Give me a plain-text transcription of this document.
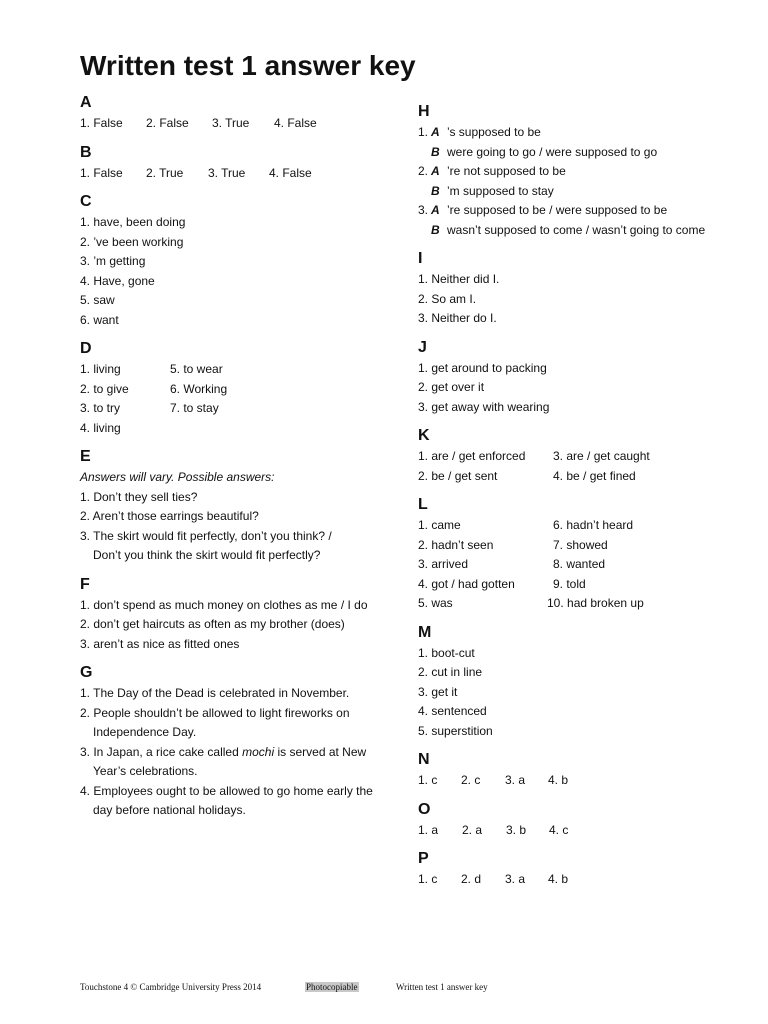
Written test 1 answer key
A
1. False	2. False	3. True	4. False
B
1. False	2. True	3. True	4. False
C
1. have, been doing
2. ’ve been working
3. ’m getting
4. Have, gone
5. saw
6. want
D
1. living
2. to give
3. to try
4. living
5. to wear
6. Working
7. to stay
E
Answers will vary. Possible answers:
1. Don’t they sell ties?
2. Aren’t those earrings beautiful?
3. The skirt would fit perfectly, don’t you think? /
Don’t you think the skirt would fit perfectly?
F
1. don’t spend as much money on clothes as me / I do
2. don’t get haircuts as often as my brother (does)
3. aren’t as nice as fitted ones
G
1. The Day of the Dead is celebrated in November.
2. People shouldn’t be allowed to light fireworks on
Independence Day.
3. In Japan, a rice cake called mochi is served at New
Year’s celebrations.
4. Employees ought to be allowed to go home early the
day before national holidays.
H
1. A ’s supposed to be
B were going to go / were supposed to go
2. A ’re not supposed to be
B ’m supposed to stay
3. A ’re supposed to be / were supposed to be
B wasn’t supposed to come / wasn’t going to come
I
1. Neither did I.
2. So am I.
3. Neither do I.
J
1. get around to packing
2. get over it
3. get away with wearing
K
1. are / get enforced
2. be / get sent
3. are / get caught
4. be / get fined
L
1. came
2. hadn’t seen
3. arrived
4. got / had gotten
5. was
6. hadn’t heard
7. showed
8. wanted
9. told
10. had broken up
M
1. boot-cut
2. cut in line
3. get it
4. sentenced
5. superstition
N
1. c	2. c	3. a	4. b
O
1. a	2. a	3. b	4. c
P
1. c	2. d	3. a	4. b
Touchstone 4 © Cambridge University Press 2014	Photocopiable	Written test 1 answer key
